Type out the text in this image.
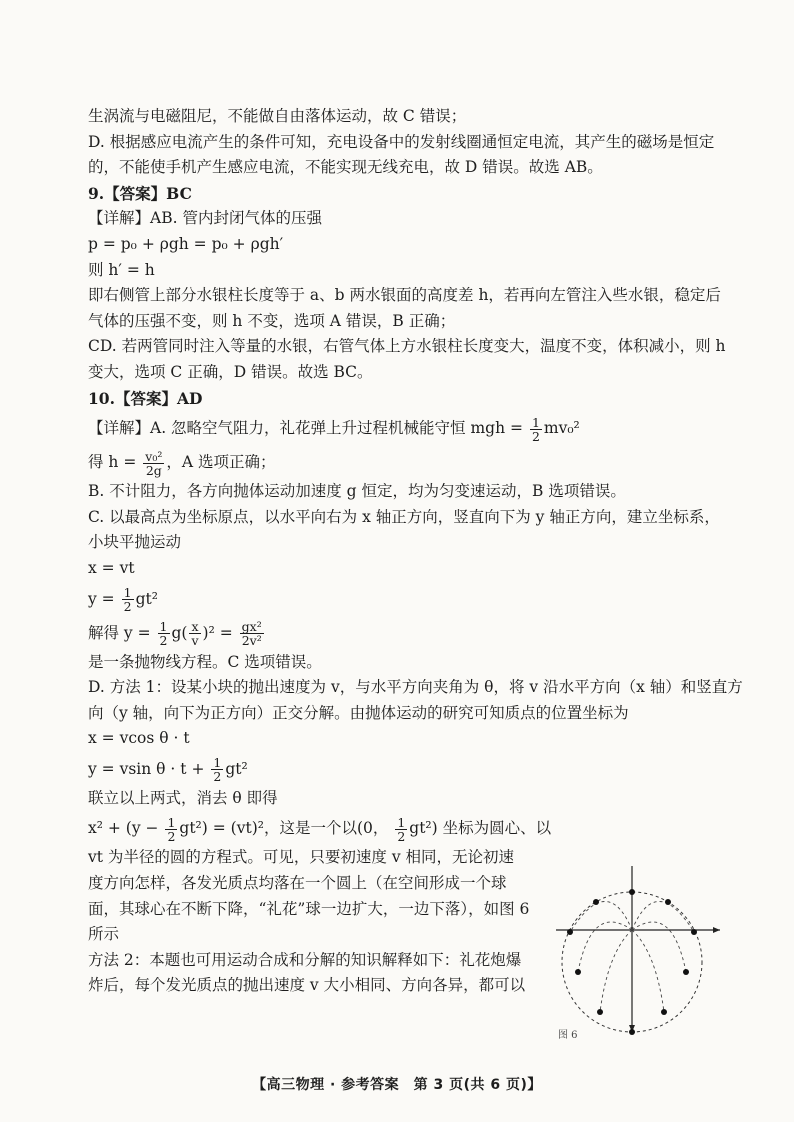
生涡流与电磁阻尼，不能做自由落体运动，故 C 错误；
D. 根据感应电流产生的条件可知，充电设备中的发射线圈通恒定电流，其产生的磁场是恒定
的，不能使手机产生感应电流，不能实现无线充电，故 D 错误。故选 AB。
9.【答案】BC
【详解】AB. 管内封闭气体的压强
p = p₀ + ρgh = p₀ + ρgh′
则 h′ = h
即右侧管上部分水银柱长度等于 a、b 两水银面的高度差 h，若再向左管注入些水银，稳定后
气体的压强不变，则 h 不变，选项 A 错误，B 正确；
CD. 若两管同时注入等量的水银，右管气体上方水银柱长度变大，温度不变，体积减小，则 h
变大，选项 C 正确，D 错误。故选 BC。
10.【答案】AD
【详解】A. 忽略空气阻力，礼花弹上升过程机械能守恒 mgh = $\frac{1}{2} mv_0^2$
得 $h = \frac{\text{v₀²}}{2g}$ ，A 选项正确；
B. 不计阻力，各方向抛体运动加速度 g 恒定，均为匀变速运动，B 选项错误。
C. 以最高点为坐标原点，以水平向右为 x 轴正方向，竖直向下为 y 轴正方向，建立坐标系，
小块平抛运动
x = vt
$y = \frac{1}{2} gt^2$
解得 $y = \frac{1}{2} g( \frac{x}{v} )^2 = \frac{\text{gx²}}{\text{2v²}}$
是一条抛物线方程。C 选项错误。
D. 方法 1：设某小块的抛出速度为 v，与水平方向夹角为 θ，将 v 沿水平方向（x 轴）和竖直方
向（y 轴，向下为正方向）正交分解。由抛体运动的研究可知质点的位置坐标为
x = vcos θ · t
y = vsin $\theta \cdot t + \frac{1}{2} gt^2$
联立以上两式，消去 θ 即得
$x^2 + (y - \frac{1}{2} gt^2) = (vt)^2$，这是一个以(0， $\frac{1}{2} gt^2$) 坐标为圆心、以
vt 为半径的圆的方程式。可见，只要初速度 v 相同，无论初速
度方向怎样，各发光质点均落在一个圆上（在空间形成一个球
面，其球心在不断下降，“礼花”球一边扩大，一边下落），如图 6
所示
方法 2：本题也可用运动合成和分解的知识解释如下：礼花炮爆
炸后，每个发光质点的抛出速度 v 大小相同、方向各异，都可以
图 6
【高三物理 · 参考答案　第 3 页(共 6 页)】
